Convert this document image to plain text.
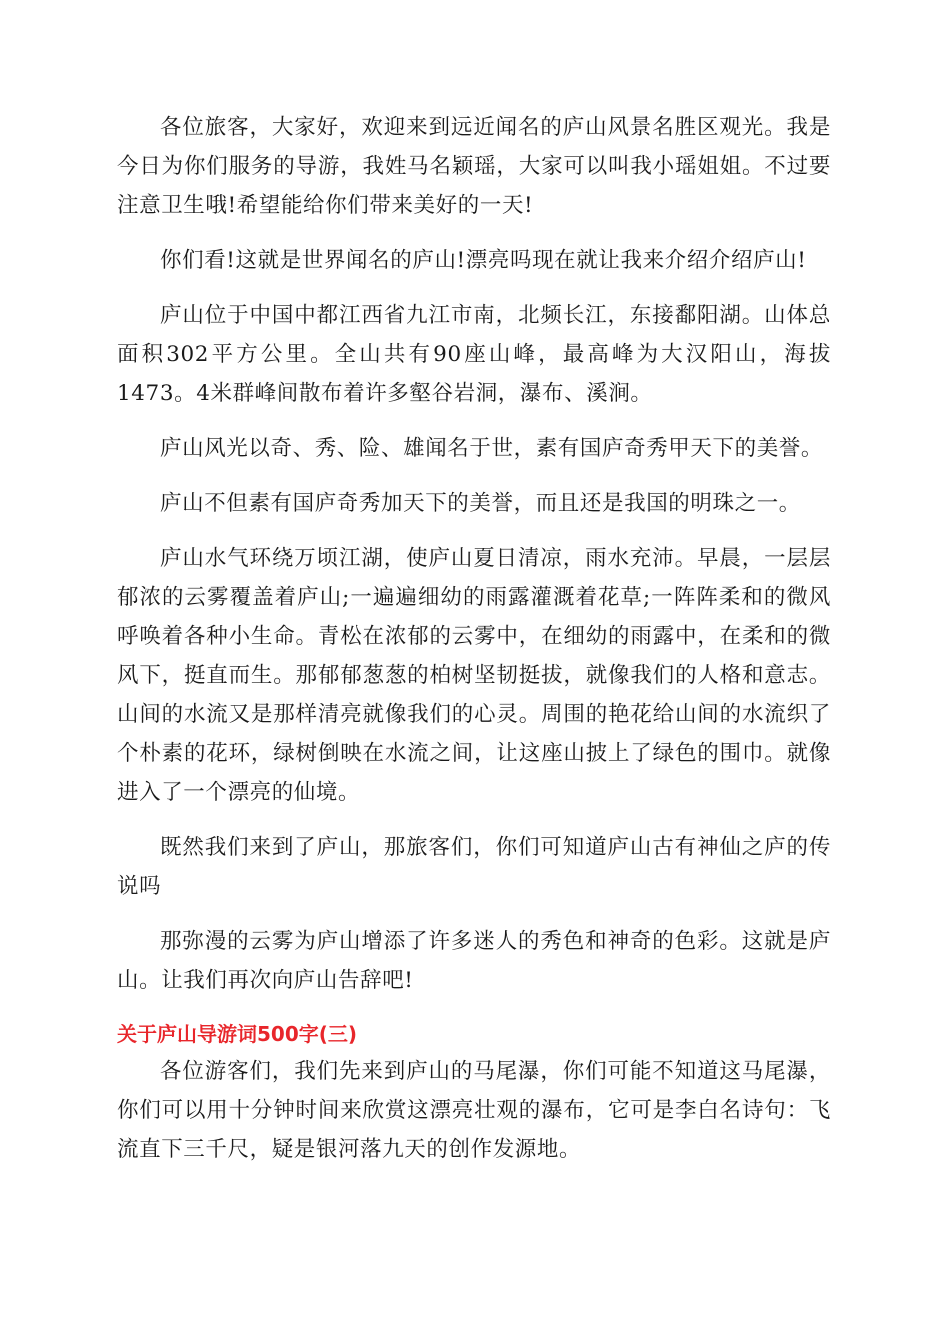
各位旅客，大家好，欢迎来到远近闻名的庐山风景名胜区观光。我是今日为你们服务的导游，我姓马名颖瑶，大家可以叫我小瑶姐姐。不过要注意卫生哦!希望能给你们带来美好的一天!

你们看!这就是世界闻名的庐山!漂亮吗现在就让我来介绍介绍庐山!

庐山位于中国中都江西省九江市南，北频长江，东接鄱阳湖。山体总面积302平方公里。全山共有90座山峰，最高峰为大汉阳山，海拔1473。4米群峰间散布着许多壑谷岩洞，瀑布、溪涧。

庐山风光以奇、秀、险、雄闻名于世，素有国庐奇秀甲天下的美誉。

庐山不但素有国庐奇秀加天下的美誉，而且还是我国的明珠之一。

庐山水气环绕万顷江湖，使庐山夏日清凉，雨水充沛。早晨，一层层郁浓的云雾覆盖着庐山;一遍遍细幼的雨露灌溉着花草;一阵阵柔和的微风呼唤着各种小生命。青松在浓郁的云雾中，在细幼的雨露中，在柔和的微风下，挺直而生。那郁郁葱葱的柏树坚韧挺拔，就像我们的人格和意志。山间的水流又是那样清亮就像我们的心灵。周围的艳花给山间的水流织了个朴素的花环，绿树倒映在水流之间，让这座山披上了绿色的围巾。就像进入了一个漂亮的仙境。

既然我们来到了庐山，那旅客们，你们可知道庐山古有神仙之庐的传说吗

那弥漫的云雾为庐山增添了许多迷人的秀色和神奇的色彩。这就是庐山。让我们再次向庐山告辞吧!

关于庐山导游词500字(三)

各位游客们，我们先来到庐山的马尾瀑，你们可能不知道这马尾瀑，你们可以用十分钟时间来欣赏这漂亮壮观的瀑布，它可是李白名诗句：飞流直下三千尺，疑是银河落九天的创作发源地。
